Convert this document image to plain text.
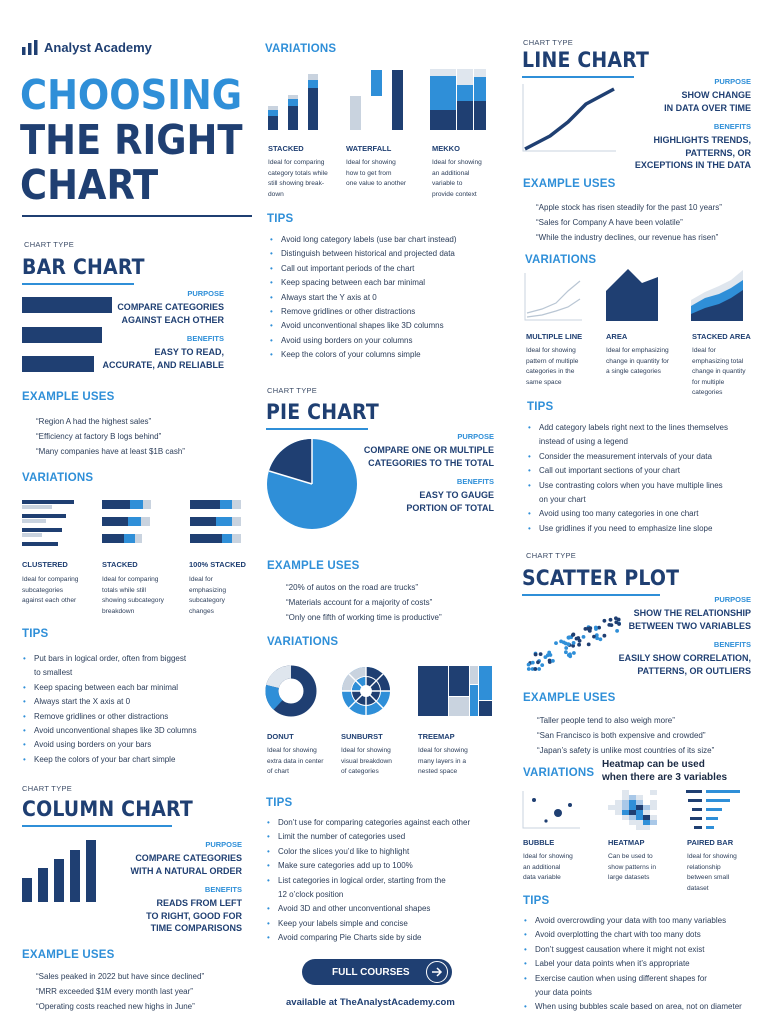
Analyst Academy
CHOOSING
THE RIGHT
CHART
CHART TYPE
BAR CHART
PURPOSE
COMPARE CATEGORIES
AGAINST EACH OTHER
BENEFITS
EASY TO READ,
ACCURATE, AND RELIABLE
EXAMPLE USES
“Region A had the highest sales”
“Efficiency at factory B logs behind”
“Many companies have at least $1B cash”
VARIATIONS
CLUSTERED
Ideal for comparing
subcategories
against each other
STACKED
Ideal for comparing
totals while still
showing subcategory
breakdown
100% STACKED
Ideal for
emphasizing
subcategory
changes
TIPS
• Put bars in logical order, often from biggest
to smallest
• Keep spacing between each bar minimal
• Always start the X axis at 0
• Remove gridlines or other distractions
• Avoid unconventional shapes like 3D columns
• Avoid using borders on your bars
• Keep the colors of your bar chart simple
CHART TYPE
COLUMN CHART
PURPOSE
COMPARE CATEGORIES
WITH A NATURAL ORDER
BENEFITS
READS FROM LEFT
TO RIGHT, GOOD FOR
TIME COMPARISONS
EXAMPLE USES
“Sales peaked in 2022 but have since declined”
“MRR exceeded $1M every month last year”
“Operating costs reached new highs in June”
VARIATIONS
STACKED
Ideal for comparing
category totals while
still showing break-
down
WATERFALL
Ideal for showing
how to get from
one value to another
MEKKO
Ideal for showing
an additional
variable to
provide context
TIPS
• Avoid long category labels (use bar chart instead)
• Distinguish between historical and projected data
• Call out important periods of the chart
• Keep spacing between each bar minimal
• Always start the Y axis at 0
• Remove gridlines or other distractions
• Avoid unconventional shapes like 3D columns
• Avoid using borders on your columns
• Keep the colors of your columns simple
CHART TYPE
PIE CHART
PURPOSE
COMPARE ONE OR MULTIPLE
CATEGORIES TO THE TOTAL
BENEFITS
EASY TO GAUGE
PORTION OF TOTAL
EXAMPLE USES
“20% of autos on the road are trucks”
“Materials account for a majority of costs”
“Only one fifth of working time is productive”
VARIATIONS
DONUT
Ideal for showing
extra data in center
of chart
SUNBURST
Ideal for showing
visual breakdown
of categories
TREEMAP
Ideal for showing
many layers in a
nested space
TIPS
• Don’t use for comparing categories against each other
• Limit the number of categories used
• Color the slices you’d like to highlight
• Make sure categories add up to 100%
• List categories in logical order, starting from the
12 o’clock position
• Avoid 3D and other unconventional shapes
• Keep your labels simple and concise
• Avoid comparing Pie Charts side by side
FULL COURSES
available at TheAnalystAcademy.com
CHART TYPE
LINE CHART
PURPOSE
SHOW CHANGE
IN DATA OVER TIME
BENEFITS
HIGHLIGHTS TRENDS,
PATTERNS, OR
EXCEPTIONS IN THE DATA
EXAMPLE USES
“Apple stock has risen steadily for the past 10 years”
“Sales for Company A have been volatile”
“While the industry declines, our revenue has risen”
VARIATIONS
MULTIPLE LINE
Ideal for showing
pattern of multiple
categories in the
same space
AREA
Ideal for emphasizing
change in quantity for
a single categories
STACKED AREA
Ideal for
emphasizing total
change in quantity
for multiple
categories
TIPS
• Add category labels right next to the lines themselves
instead of using a legend
• Consider the measurement intervals of your data
• Call out important sections of your chart
• Use contrasting colors when you have multiple lines
on your chart
• Avoid using too many categories in one chart
• Use gridlines if you need to emphasize line slope
CHART TYPE
SCATTER PLOT
PURPOSE
SHOW THE RELATIONSHIP
BETWEEN TWO VARIABLES
BENEFITS
EASILY SHOW CORRELATION,
PATTERNS, OR OUTLIERS
EXAMPLE USES
“Taller people tend to also weigh more”
“San Francisco is both expensive and crowded”
“Japan’s safety is unlike most countries of its size”
VARIATIONS
Heatmap can be used
when there are 3 variables
BUBBLE
Ideal for showing
an additional
data variable
HEATMAP
Can be used to
show patterns in
large datasets
PAIRED BAR
Ideal for showing
relationship
between small
dataset
TIPS
• Avoid overcrowding your data with too many variables
• Avoid overplotting the chart with too many dots
• Don’t suggest causation where it might not exist
• Label your data points when it’s appropriate
• Exercise caution when using different shapes for
your data points
• When using bubbles scale based on area, not on diameter
